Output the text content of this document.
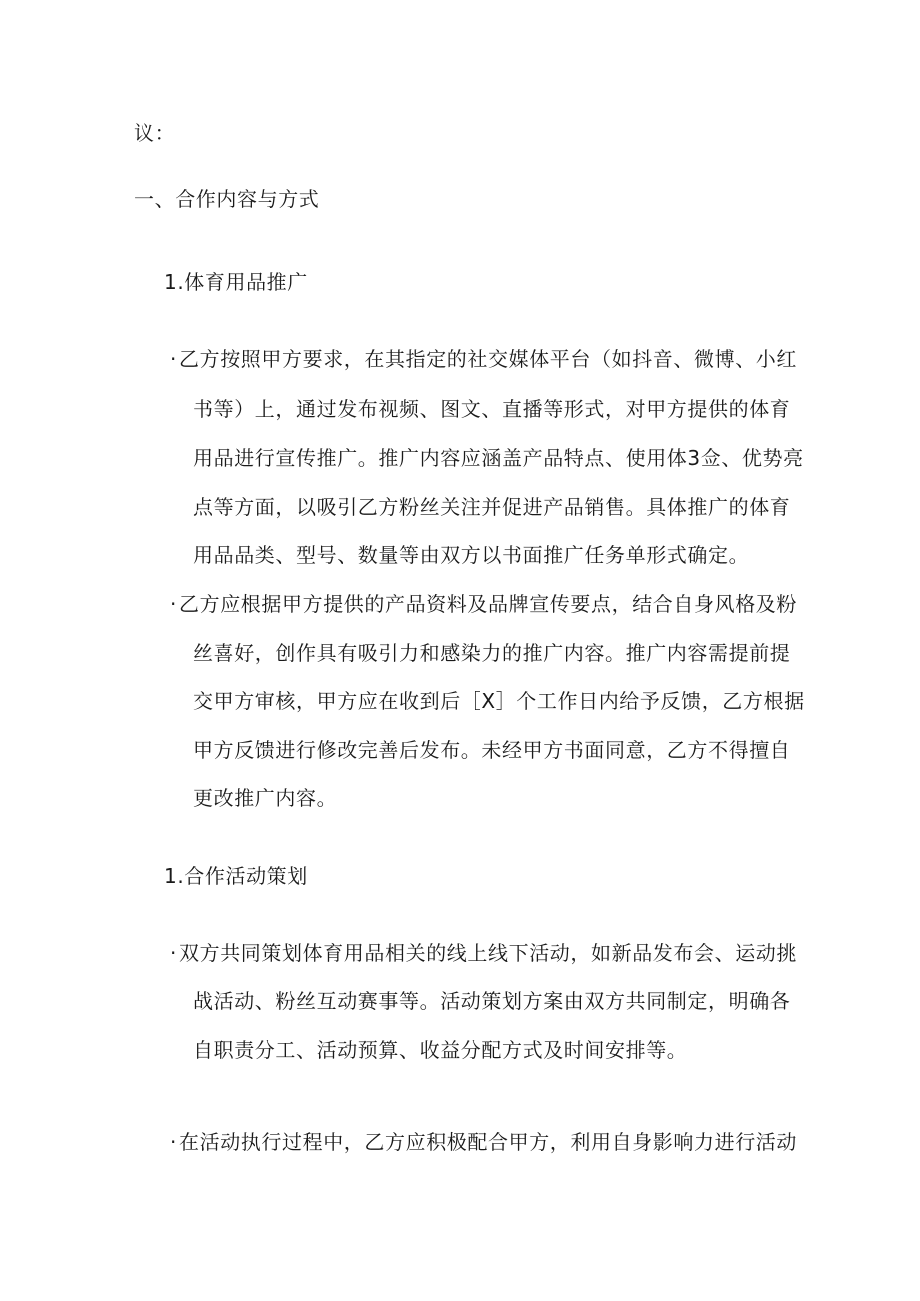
议：
一、合作内容与方式
1.体育用品推广
· 乙方按照甲方要求，在其指定的社交媒体平台（如抖音、微博、小红
书等）上，通过发布视频、图文、直播等形式，对甲方提供的体育
用品进行宣传推广。推广内容应涵盖产品特点、使用体3佥、优势亮
点等方面，以吸引乙方粉丝关注并促进产品销售。具体推广的体育
用品品类、型号、数量等由双方以书面推广任务单形式确定。
· 乙方应根据甲方提供的产品资料及品牌宣传要点，结合自身风格及粉
丝喜好，创作具有吸引力和感染力的推广内容。推广内容需提前提
交甲方审核，甲方应在收到后［X］个工作日内给予反馈，乙方根据
甲方反馈进行修改完善后发布。未经甲方书面同意，乙方不得擅自
更改推广内容。
1.合作活动策划
· 双方共同策划体育用品相关的线上线下活动，如新品发布会、运动挑
战活动、粉丝互动赛事等。活动策划方案由双方共同制定，明确各
自职责分工、活动预算、收益分配方式及时间安排等。
· 在活动执行过程中，乙方应积极配合甲方，利用自身影响力进行活动
